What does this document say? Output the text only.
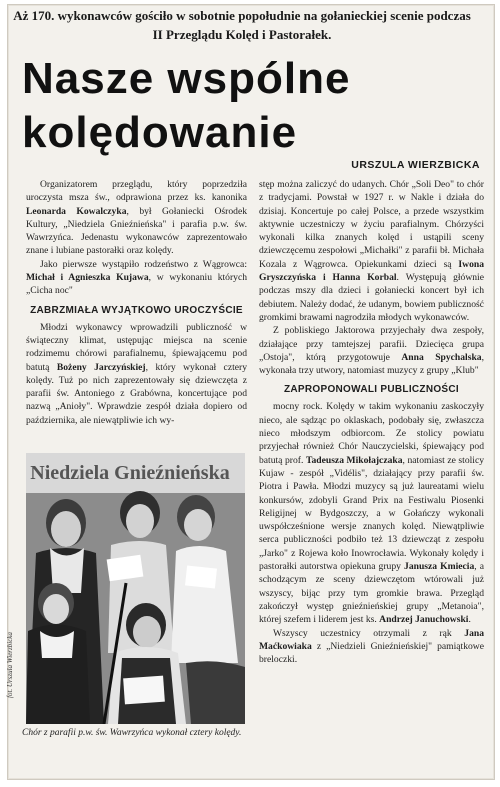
Aż 170. wykonawców gościło w sobotnie popołudnie na gołanieckiej scenie podczas II Przeglądu Kolęd i Pastorałek.
Nasze wspólne
kolędowanie
URSZULA WIERZBICKA

Organizatorem przeglądu, który poprzedziła uroczysta msza św., odprawiona przez ks. kanonika Leonarda Kowalczyka, był Gołaniecki Ośrodek Kultury, „Niedziela Gnieźnieńska" i parafia p.w. św. Wawrzyńca. Jedenastu wykonawców zaprezentowało znane i lubiane pastorałki oraz kolędy.

Jako pierwsze wystąpiło rodzeństwo z Wągrowca: Michał i Agnieszka Kujawa, w wykonaniu których „Cicha noc"

ZABRZMIAŁA WYJĄTKOWO UROCZYŚCIE

Młodzi wykonawcy wprowadzili publiczność w świąteczny klimat, ustępując miejsca na scenie rodzimemu chórowi parafialnemu, śpiewającemu pod batutą Bożeny Jarczyńskiej, który wykonał cztery kolędy. Tuż po nich zaprezentowały się dziewczęta z parafii św. Antoniego z Grabówna, koncertujące pod nazwą „Anioły". Wprawdzie zespół działa dopiero od października, ale niewątpliwie ich wy-

Niedziela Gnieźnieńska
fot. Urszula Wierzbicka
Chór z parafii p.w. św. Wawrzyńca wykonał cztery kolędy.

stęp można zaliczyć do udanych. Chór „Soli Deo" to chór z tradycjami. Powstał w 1927 r. w Nakle i działa do dzisiaj. Koncertuje po całej Polsce, a przede wszystkim aktywnie uczestniczy w życiu parafialnym. Chórzyści wykonali kilka znanych kolęd i ustąpili sceny dziewczęcemu zespołowi „Michałki" z parafii bł. Michała Kozala z Wągrowca. Opiekunkami dzieci są Iwona Gryszczyńska i Hanna Korbal. Występują głównie podczas mszy dla dzieci i gołaniecki koncert był ich debiutem. Należy dodać, że udanym, bowiem publiczność gromkimi brawami nagrodziła młodych wykonawców.

Z pobliskiego Jaktorowa przyjechały dwa zespoły, działające przy tamtejszej parafii. Dziecięca grupa „Ostoja", którą przygotowuje Anna Spychalska, wykonała trzy utwory, natomiast muzycy z grupy „Klub"

ZAPROPONOWALI PUBLICZNOŚCI

mocny rock. Kolędy w takim wykonaniu zaskoczyły nieco, ale sądząc po oklaskach, podobały się, zwłaszcza nieco młodszym odbiorcom. Ze stolicy powiatu przyjechał również Chór Nauczycielski, śpiewający pod batutą prof. Tadeusza Mikołajczaka, natomiast ze stolicy Kujaw - zespół „Vidélis", działający przy parafii św. Piotra i Pawła. Młodzi muzycy są już laureatami wielu konkursów, zdobyli Grand Prix na Festiwalu Piosenki Religijnej w Bydgoszczy, a w Gołańczy wykonali uwspółcześnione wersje znanych kolęd. Niewątpliwie serca publiczności podbiło też 13 dziewcząt z zespołu „Jarko" z Rojewa koło Inowrocławia. Wykonały kolędy i pastorałki autorstwa opiekuna grupy Janusza Kmiecia, a schodzącym ze sceny dziewczętom wtórowali już wszyscy, bijąc przy tym gromkie brawa. Przegląd zakończył występ gnieźnieńskiej grupy „Metanoia", której szefem i liderem jest ks. Andrzej Januchowski.

Wszyscy uczestnicy otrzymali z rąk Jana Maćkowiaka z „Niedzieli Gnieźnieńskiej" pamiątkowe breloczki.
